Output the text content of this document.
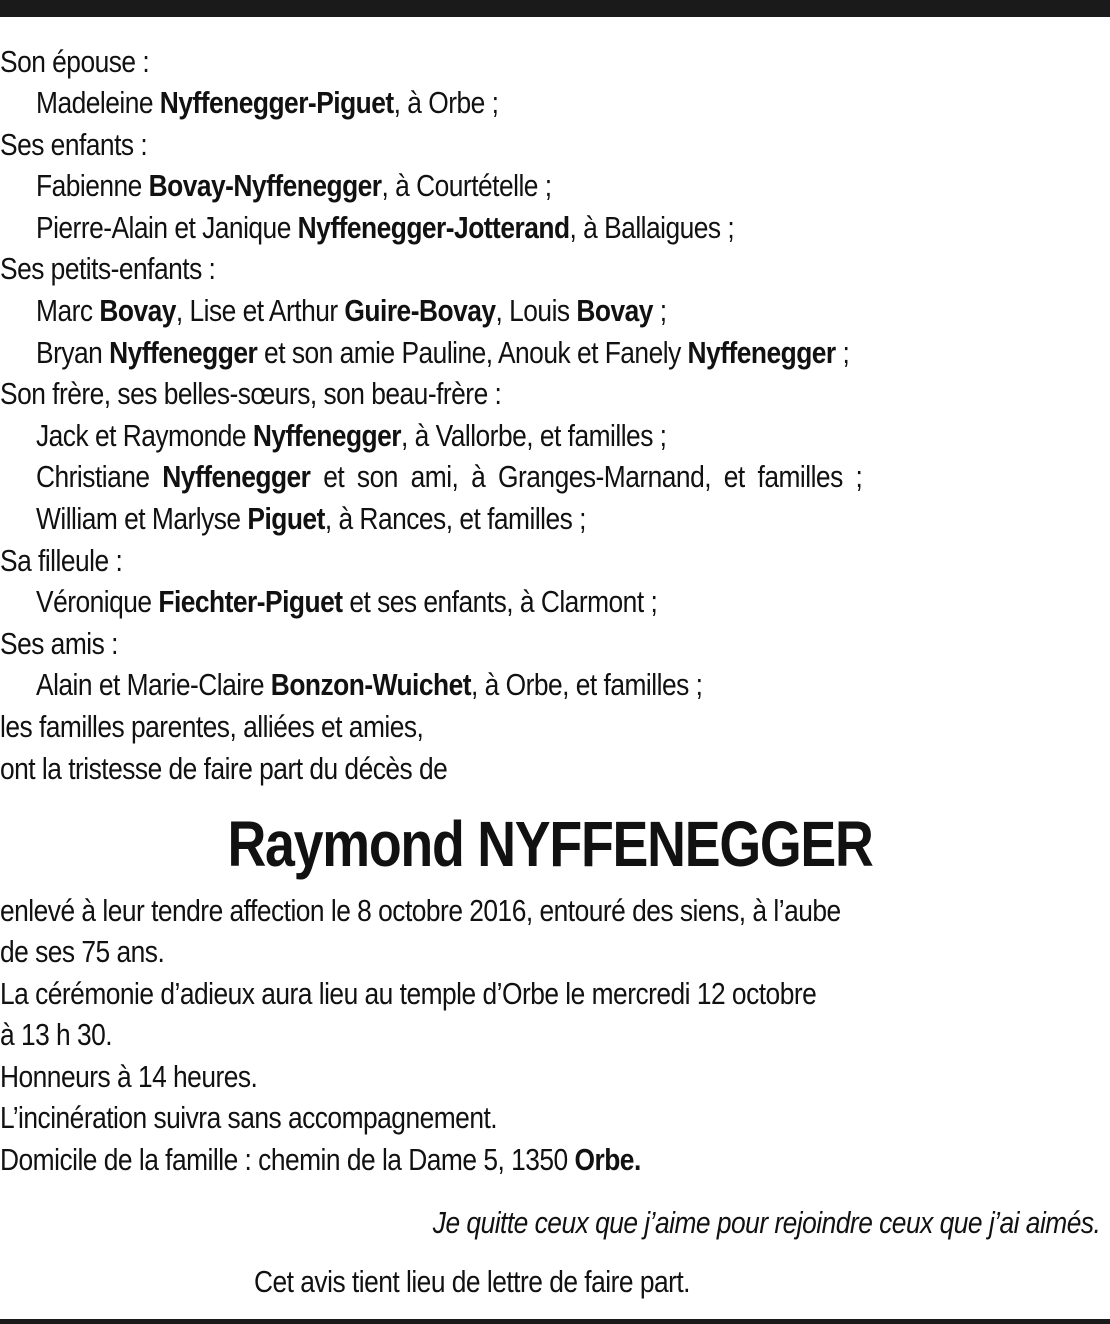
Son épouse :
Madeleine Nyffenegger-Piguet, à Orbe ;
Ses enfants :
Fabienne Bovay-Nyffenegger, à Courtételle ;
Pierre-Alain et Janique Nyffenegger-Jotterand, à Ballaigues ;
Ses petits-enfants :
Marc Bovay, Lise et Arthur Guire-Bovay, Louis Bovay ;
Bryan Nyffenegger et son amie Pauline, Anouk et Fanely Nyffenegger ;
Son frère, ses belles-sœurs, son beau-frère :
Jack et Raymonde Nyffenegger, à Vallorbe, et familles ;
Christiane Nyffenegger et son ami, à Granges-Marnand, et familles ;
William et Marlyse Piguet, à Rances, et familles ;
Sa filleule :
Véronique Fiechter-Piguet et ses enfants, à Clarmont ;
Ses amis :
Alain et Marie-Claire Bonzon-Wuichet, à Orbe, et familles ;
les familles parentes, alliées et amies,
ont la tristesse de faire part du décès de
Raymond NYFFENEGGER
enlevé à leur tendre affection le 8 octobre 2016, entouré des siens, à l’aube
de ses 75 ans.
La cérémonie d’adieux aura lieu au temple d’Orbe le mercredi 12 octobre
à 13 h 30.
Honneurs à 14 heures.
L’incinération suivra sans accompagnement.
Domicile de la famille : chemin de la Dame 5, 1350 Orbe.
Je quitte ceux que j’aime pour rejoindre ceux que j’ai aimés.
Cet avis tient lieu de lettre de faire part.
